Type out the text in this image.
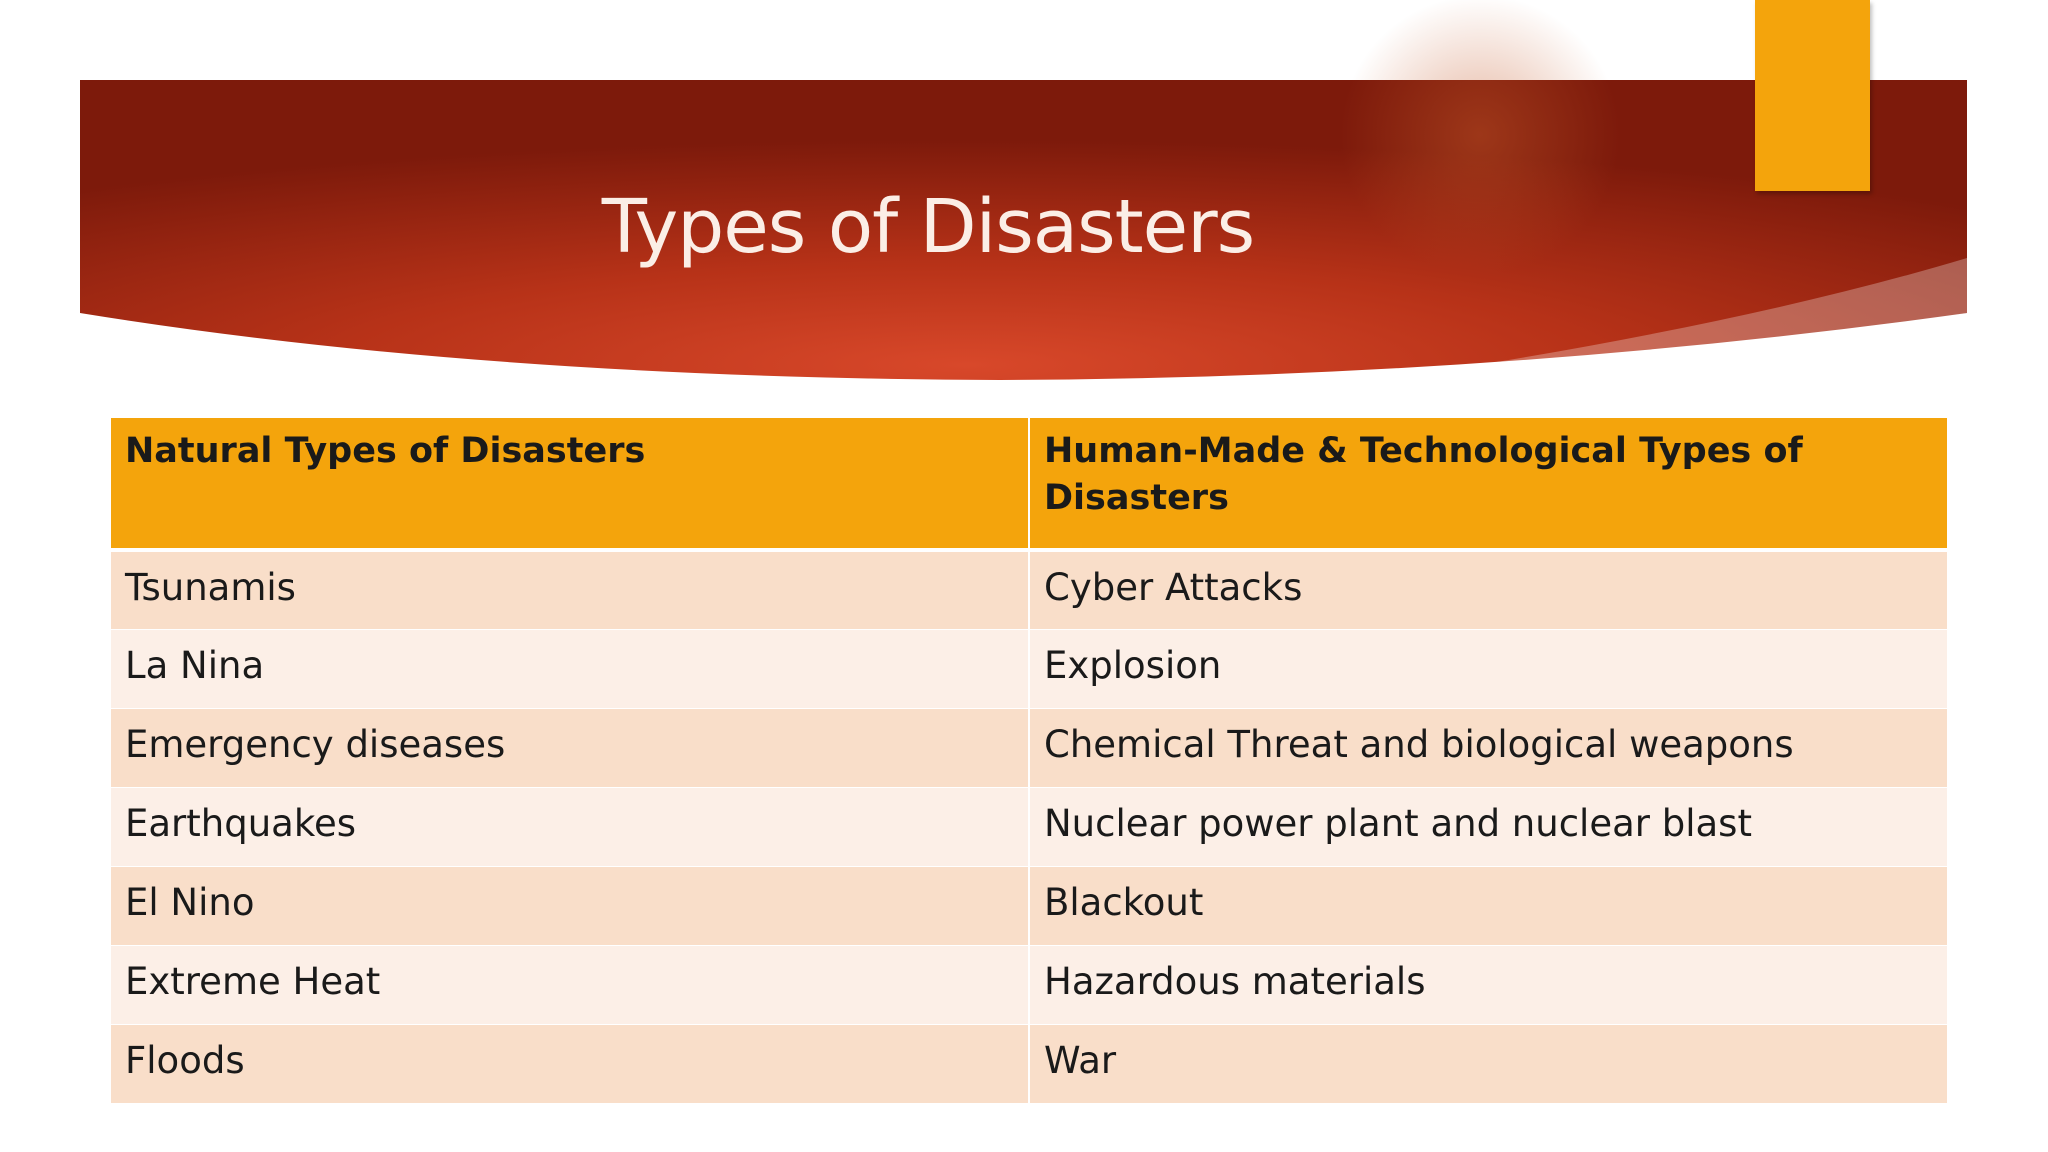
Types of Disasters
Natural Types of Disasters	Human-Made & Technological Types of Disasters
Tsunamis	Cyber Attacks
La Nina	Explosion
Emergency diseases	Chemical Threat and biological weapons
Earthquakes	Nuclear power plant and nuclear blast
El Nino	Blackout
Extreme Heat	Hazardous materials
Floods	War
